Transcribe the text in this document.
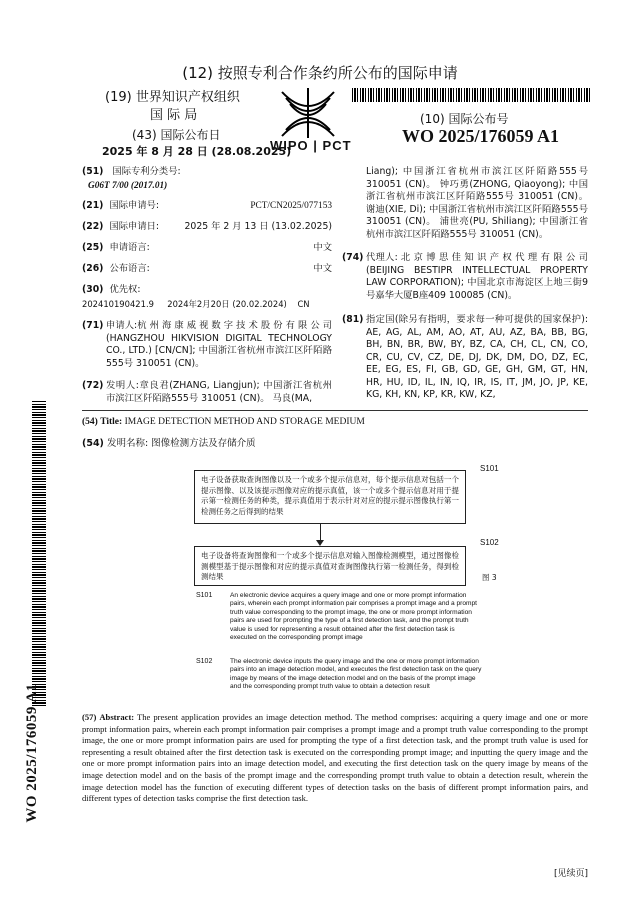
(12) 按照专利合作条约所公布的国际申请
(19) 世界知识产权组织
国 际 局
(43) 国际公布日
2025 年 8 月 28 日 (28.08.2025)
WIPO | PCT
(10) 国际公布号
WO 2025/176059 A1
(51) 国际专利分类号:
G06T 7/00 (2017.01)
(21) 国际申请号:	PCT/CN2025/077153
(22) 国际申请日:	2025 年 2 月 13 日 (13.02.2025)
(25) 申请语言:	中文
(26) 公布语言:	中文
(30) 优先权:
202410190421.9     2024年2月20日 (20.02.2024)    CN
(71) 申请人:杭 州 海 康 威 视 数 字 技 术 股 份 有 限 公 司 (HANGZHOU HIKVISION DIGITAL TECHNOLOGY CO., LTD.) [CN/CN]; 中国浙江省杭州市滨江区阡陌路555号 310051 (CN)。
(72) 发明人:章良君(ZHANG, Liangjun); 中国浙江省杭州市滨江区阡陌路555号 310051 (CN)。 马良(MA,
Liang); 中国浙江省杭州市滨江区阡陌路555号 310051 (CN)。 钟巧勇(ZHONG, Qiaoyong); 中国浙江省杭州市滨江区阡陌路555号 310051 (CN)。 谢迪(XIE, Di); 中国浙江省杭州市滨江区阡陌路555号 310051 (CN)。 浦世亮(PU, Shiliang); 中国浙江省杭州市滨江区阡陌路555号 310051 (CN)。
(74) 代理人: 北 京 博 思 佳 知 识 产 权 代 理 有 限 公 司 (BEIJING BESTIPR INTELLECTUAL PROPERTY LAW CORPORATION); 中国北京市海淀区上地三街9号嘉华大厦B座409 100085 (CN)。
(81) 指定国(除另有指明，要求每一种可提供的国家保护): AE, AG, AL, AM, AO, AT, AU, AZ, BA, BB, BG, BH, BN, BR, BW, BY, BZ, CA, CH, CL, CN, CO, CR, CU, CV, CZ, DE, DJ, DK, DM, DO, DZ, EC, EE, EG, ES, FI, GB, GD, GE, GH, GM, GT, HN, HR, HU, ID, IL, IN, IQ, IR, IS, IT, JM, JO, JP, KE, KG, KH, KN, KP, KR, KW, KZ,
WO 2025/176059 A1
(54) Title: IMAGE DETECTION METHOD AND STORAGE MEDIUM
(54) 发明名称: 图像检测方法及存储介质
电子设备获取查询图像以及一个或多个提示信息对，每个提示信息对包括一个提示图像、以及该提示图像对应的提示真值，该一个或多个提示信息对用于提示第一检测任务的种类，提示真值用于表示针对对应的提示提示图像执行第一检测任务之后得到的结果
S101
电子设备将查询图像和一个或多个提示信息对输入图像检测模型，通过图像检测模型基于提示图像和对应的提示真值对查询图像执行第一检测任务，得到检测结果
S102
图 3
S101	An electronic device acquires a query image and one or more prompt information pairs, wherein each prompt information pair comprises a prompt image and a prompt truth value corresponding to the prompt image, the one or more prompt information pairs are used for prompting the type of a first detection task, and the prompt truth value is used for representing a result obtained after the first detection task is executed on the corresponding prompt image
S102	The electronic device inputs the query image and the one or more prompt information pairs into an image detection model, and executes the first detection task on the query image by means of the image detection model and on the basis of the prompt image and the corresponding prompt truth value to obtain a detection result
(57) Abstract: The present application provides an image detection method. The method comprises: acquiring a query image and one or more prompt information pairs, wherein each prompt information pair comprises a prompt image and a prompt truth value corresponding to the prompt image, the one or more prompt information pairs are used for prompting the type of a first detection task, and the prompt truth value is used for representing a result obtained after the first detection task is executed on the corresponding prompt image; and inputting the query image and the one or more prompt information pairs into an image detection model, and executing the first detection task on the query image by means of the image detection model and on the basis of the prompt image and the corresponding prompt truth value to obtain a detection result, wherein the image detection model has the function of executing different types of detection tasks on the basis of different prompt information pairs, and different types of detection tasks comprise the first detection task.
[见续页]
